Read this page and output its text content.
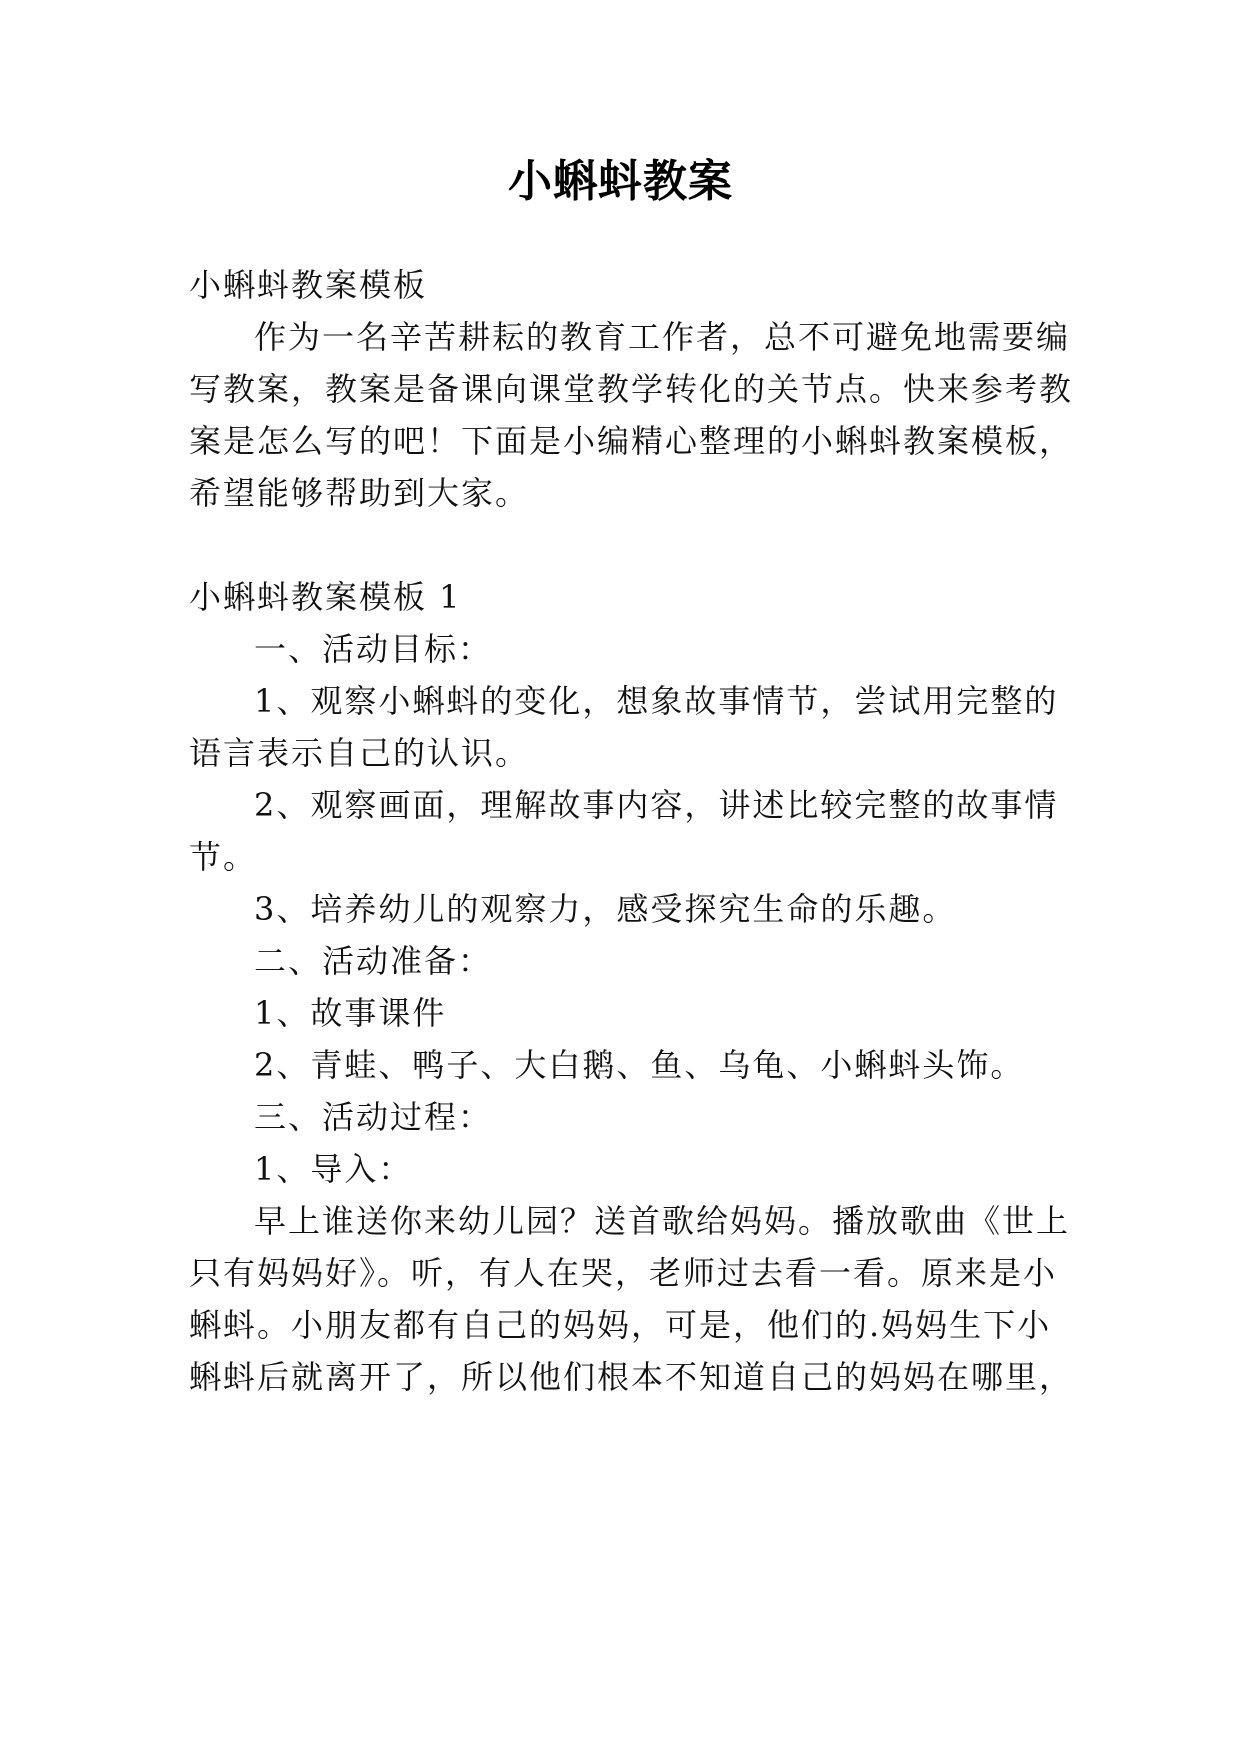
小蝌蚪教案

小蝌蚪教案模板

作为一名辛苦耕耘的教育工作者，总不可避免地需要编

写教案，教案是备课向课堂教学转化的关节点。快来参考教

案是怎么写的吧！下面是小编精心整理的小蝌蚪教案模板，

希望能够帮助到大家。

小蝌蚪教案模板 1

一、活动目标：

1、观察小蝌蚪的变化，想象故事情节，尝试用完整的

语言表示自己的认识。

2、观察画面，理解故事内容，讲述比较完整的故事情

节。

3、培养幼儿的观察力，感受探究生命的乐趣。

二、活动准备：

1、故事课件

2、青蛙、鸭子、大白鹅、鱼、乌龟、小蝌蚪头饰。

三、活动过程：

1、导入：

早上谁送你来幼儿园？送首歌给妈妈。播放歌曲《世上

只有妈妈好》。听，有人在哭，老师过去看一看。原来是小

蝌蚪。小朋友都有自己的妈妈，可是，他们的.妈妈生下小

蝌蚪后就离开了，所以他们根本不知道自己的妈妈在哪里，
